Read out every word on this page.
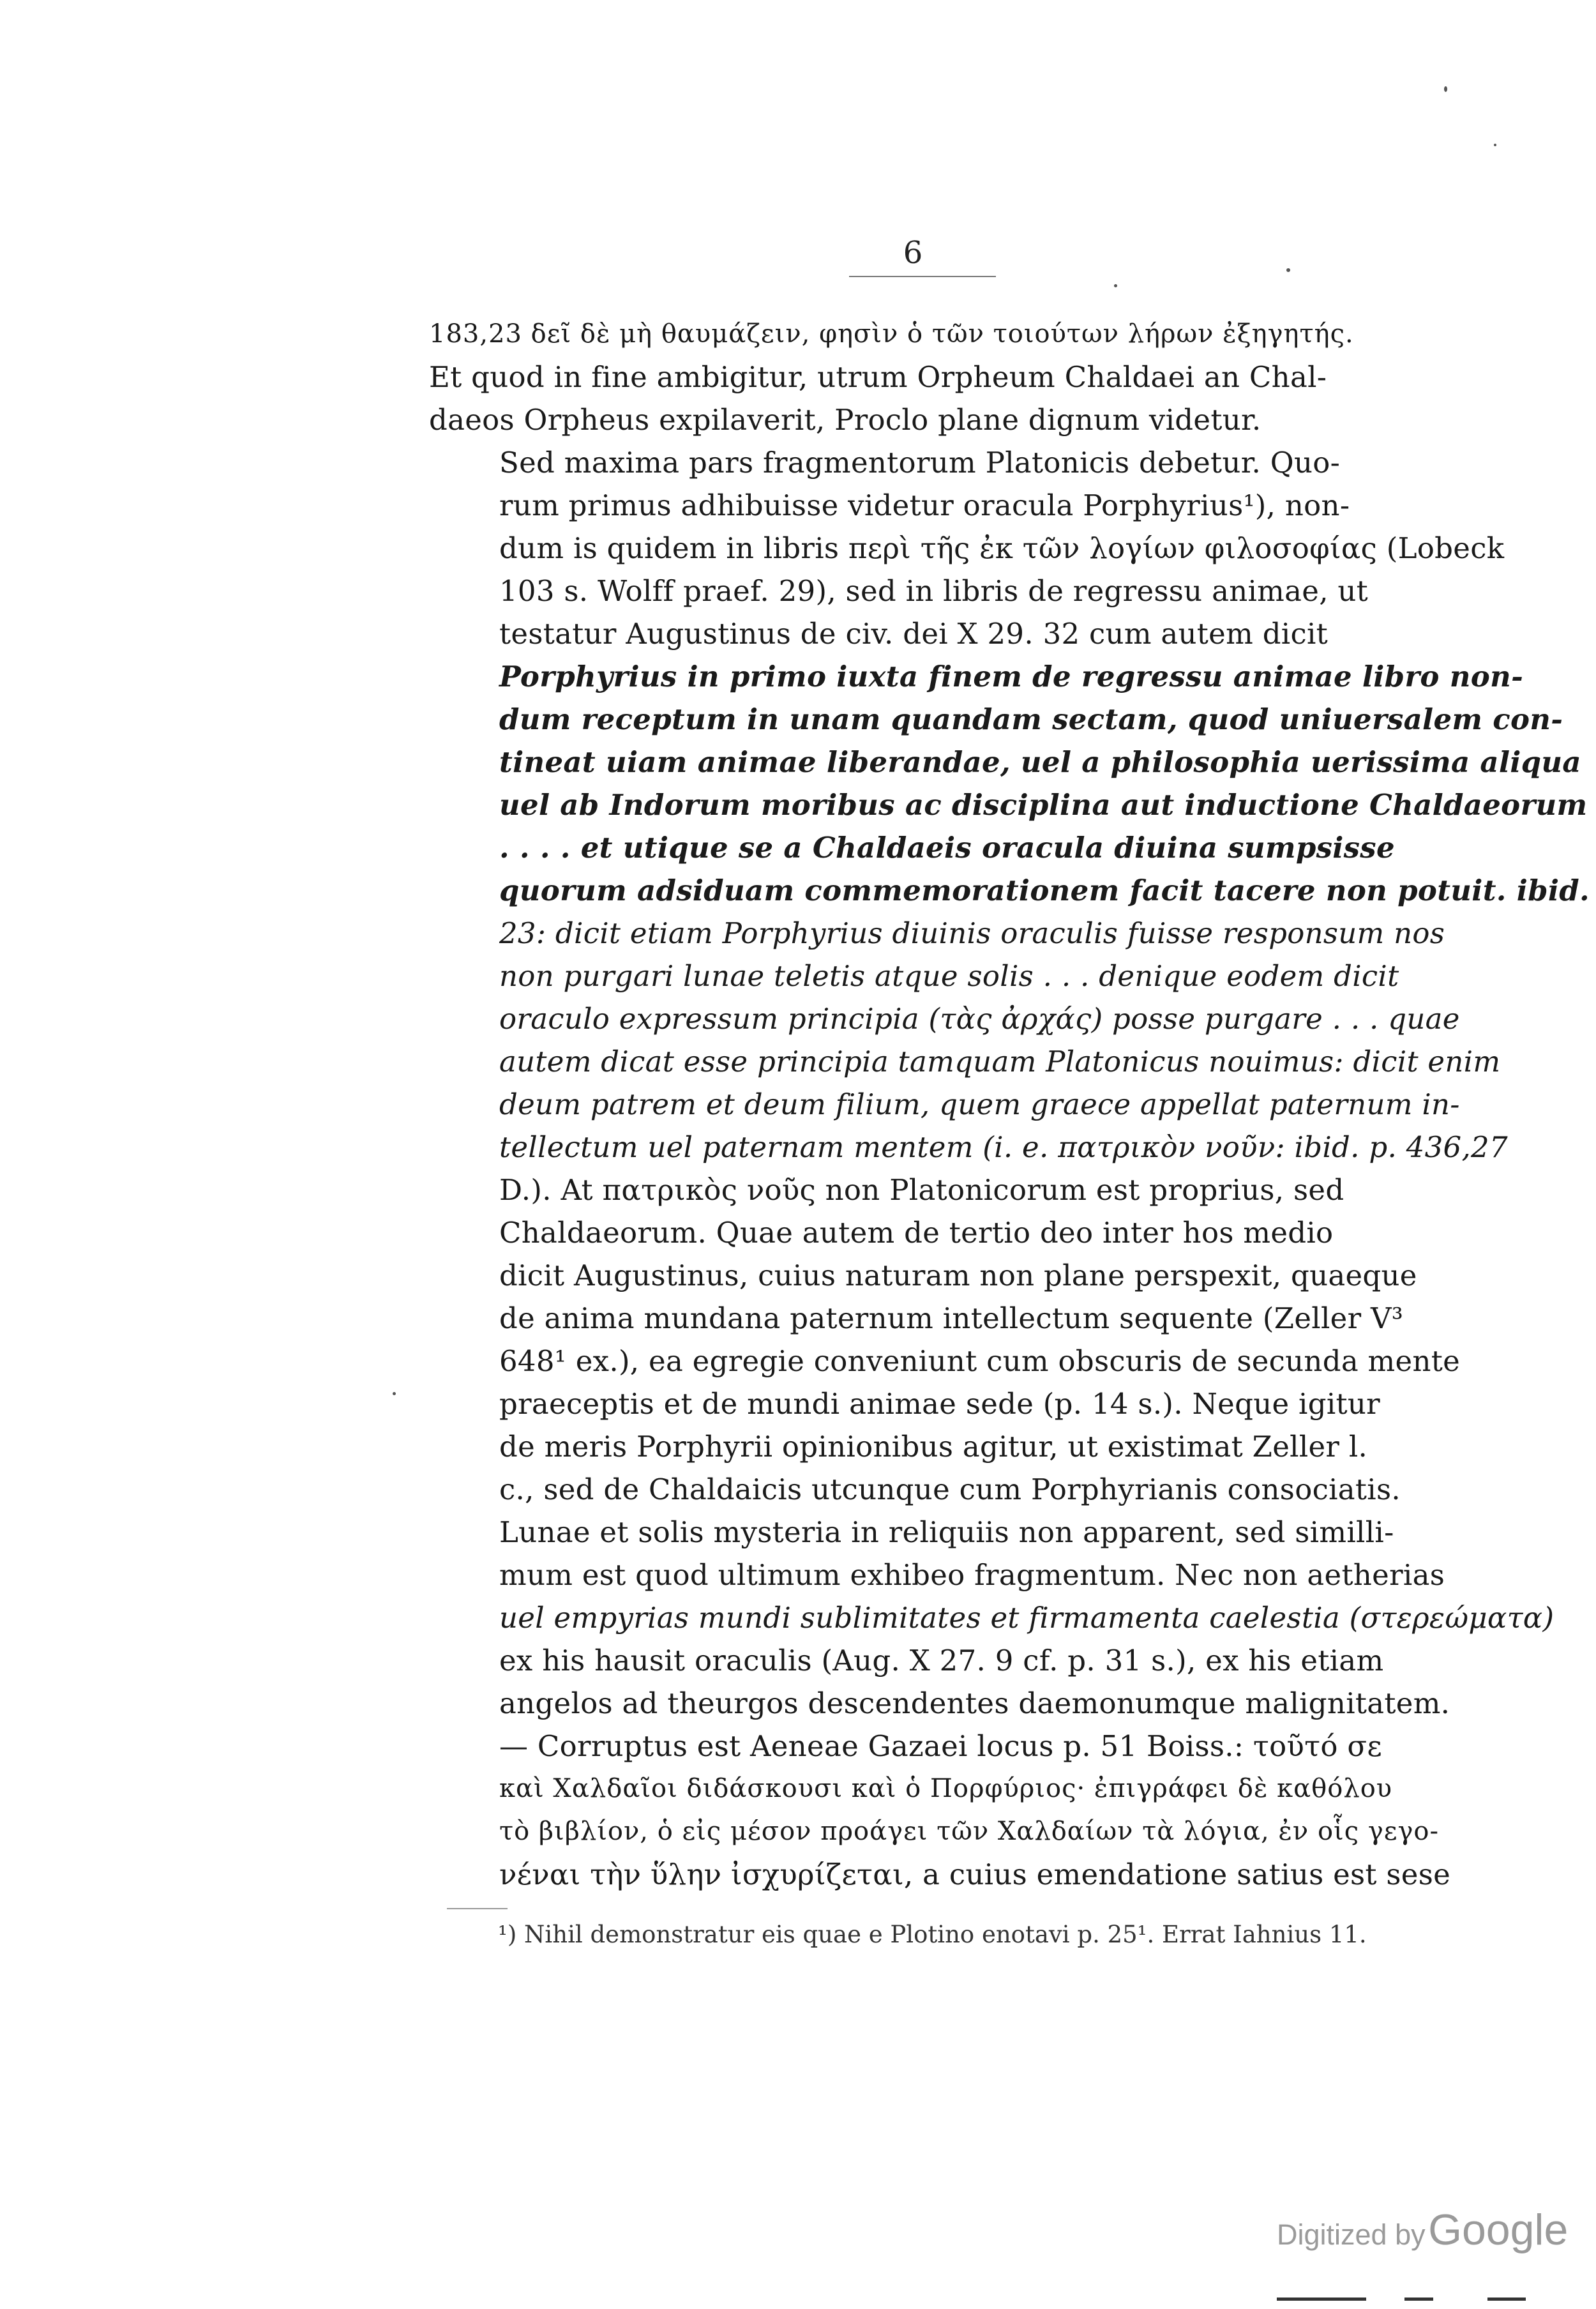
6

183,23 δεῖ δὲ μὴ θαυμάζειν, φησὶν ὁ τῶν τοιούτων λήρων ἐξηγητής.
Et quod in fine ambigitur, utrum Orpheum Chaldaei an Chal-
daeos Orpheus expilaverit, Proclo plane dignum videtur.

Sed maxima pars fragmentorum Platonicis debetur. Quo-
rum primus adhibuisse videtur oracula Porphyrius¹), non-
dum is quidem in libris περὶ τῆς ἐκ τῶν λογίων φιλοσοφίας (Lobeck
103 s. Wolff praef. 29), sed in libris de regressu animae, ut
testatur Augustinus de civ. dei X 29. 32 cum autem dicit
Porphyrius in primo iuxta finem de regressu animae libro non-
dum receptum in unam quandam sectam, quod uniuersalem con-
tineat uiam animae liberandae, uel a philosophia uerissima aliqua
uel ab Indorum moribus ac disciplina aut inductione Chaldaeorum
. . . . et utique se a Chaldaeis oracula diuina sumpsisse
quorum adsiduam commemorationem facit tacere non potuit. ibid.
23: dicit etiam Porphyrius diuinis oraculis fuisse responsum nos
non purgari lunae teletis atque solis . . . denique eodem dicit
oraculo expressum principia (τὰς ἀρχάς) posse purgare . . . quae
autem dicat esse principia tamquam Platonicus nouimus: dicit enim
deum patrem et deum filium, quem graece appellat paternum in-
tellectum uel paternam mentem (i. e. πατρικὸν νοῦν: ibid. p. 436,27
D.). At πατρικὸς νοῦς non Platonicorum est proprius, sed
Chaldaeorum. Quae autem de tertio deo inter hos medio
dicit Augustinus, cuius naturam non plane perspexit, quaeque
de anima mundana paternum intellectum sequente (Zeller V³
648¹ ex.), ea egregie conveniunt cum obscuris de secunda mente
praeceptis et de mundi animae sede (p. 14 s.). Neque igitur
de meris Porphyrii opinionibus agitur, ut existimat Zeller l.
c., sed de Chaldaicis utcunque cum Porphyrianis consociatis.
Lunae et solis mysteria in reliquiis non apparent, sed simillі-
mum est quod ultimum exhibeo fragmentum. Nec non aetherias
uel empyrias mundi sublimitates et firmamenta caelestia (στερεώματα)
ex his hausit oraculis (Aug. X 27. 9 cf. p. 31 s.), ex his etiam
angelos ad theurgos descendentes daemonumque malignitatem.
— Corruptus est Aeneae Gazaei locus p. 51 Boiss.: τοῦτό σε
καὶ Χαλδαῖοι διδάσκουσι καὶ ὁ Πορφύριος· ἐπιγράφει δὲ καθόλου
τὸ βιβλίον, ὁ εἰς μέσον προάγει τῶν Χαλδαίων τὰ λόγια, ἐν οἷς γεγο-
νέναι τὴν ὕλην ἰσχυρίζεται, a cuius emendatione satius est sese

¹) Nihil demonstratur eis quae e Plotino enotavi p. 25¹. Errat Iahnius 11.
Digitized by Google
